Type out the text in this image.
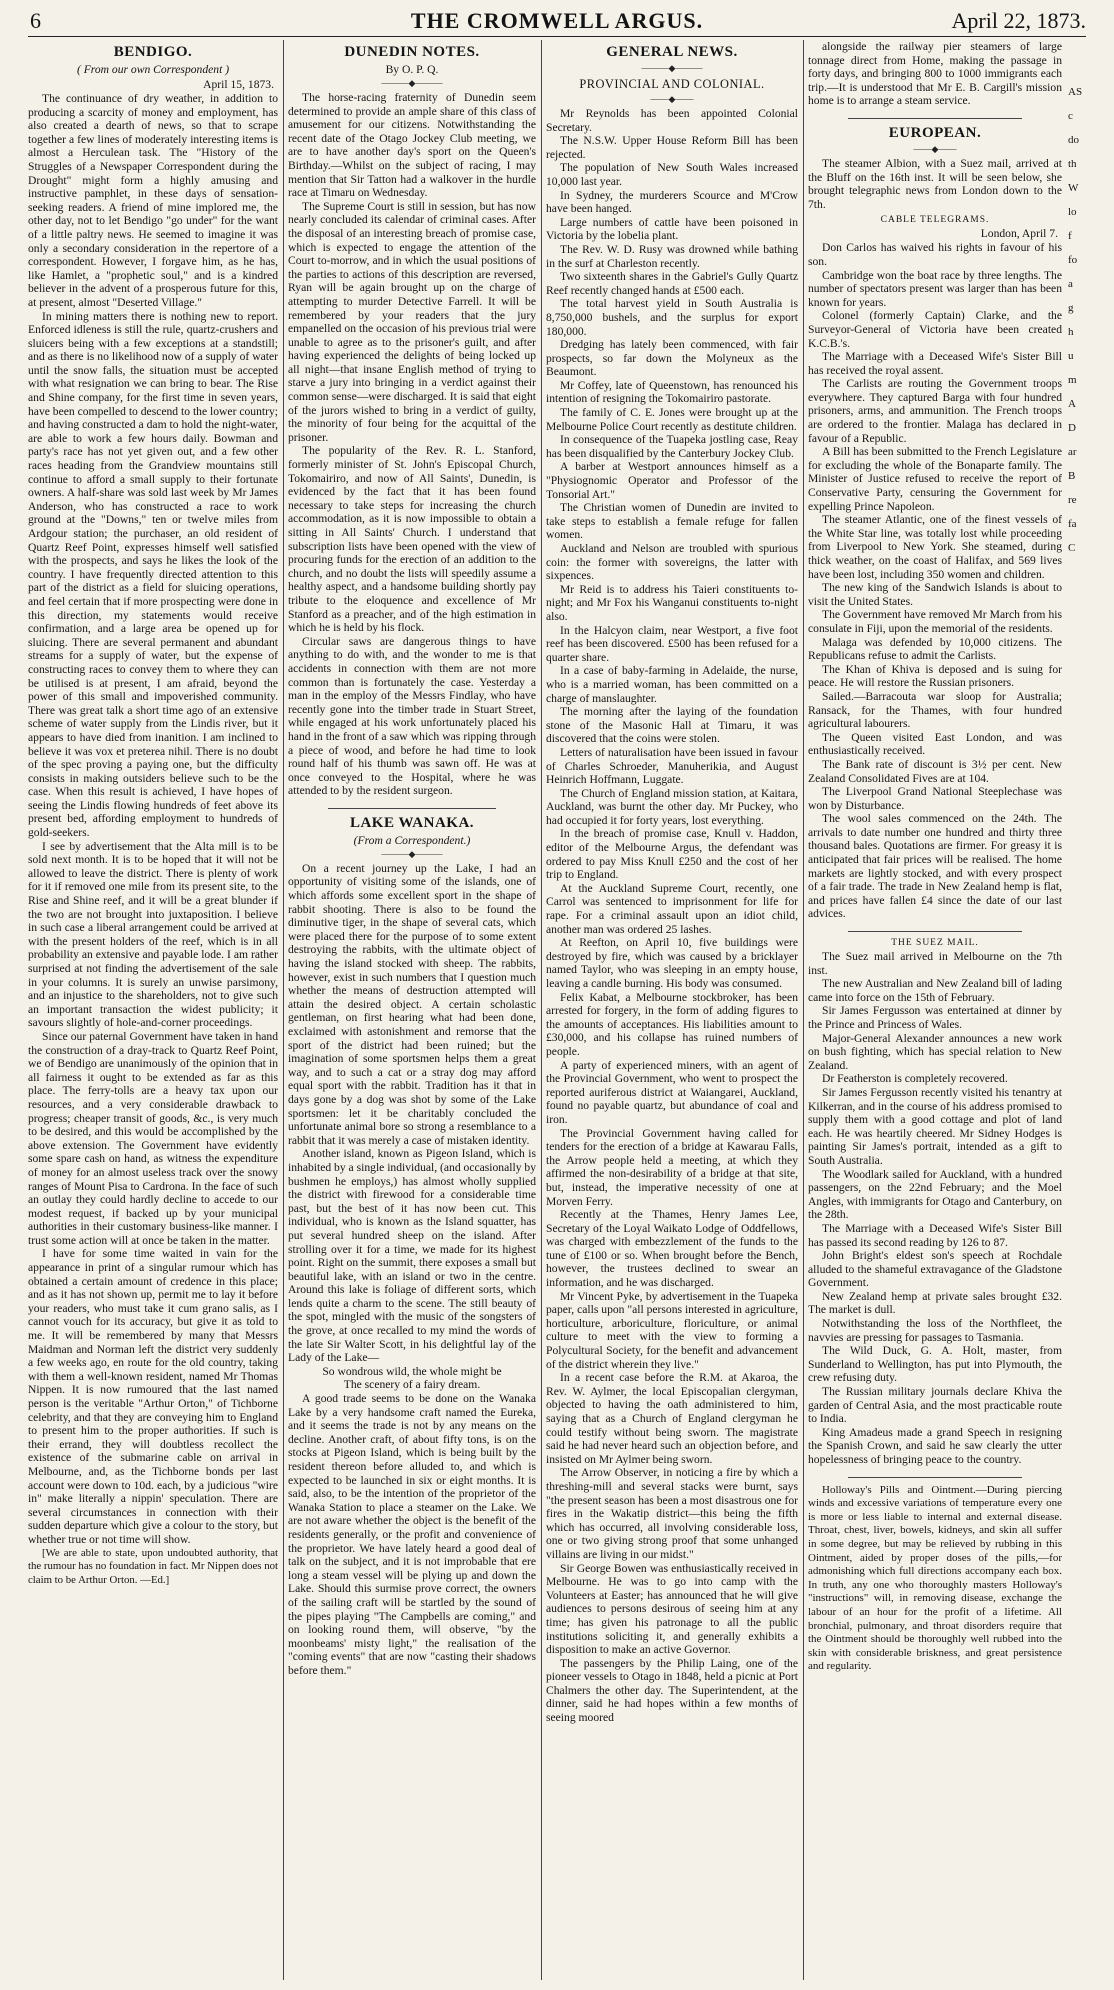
6	THE CROMWELL ARGUS.	April 22, 1873.
BENDIGO.
( From our own Correspondent )
April 15, 1873.

The continuance of dry weather, in addition to producing a scarcity of money and employment, has also created a dearth of news, so that to scrape together a few lines of moderately interesting items is almost a Herculean task. The "History of the Struggles of a Newspaper Correspondent during the Drought" might form a highly amusing and instructive pamphlet, in these days of sensation-seeking readers. A friend of mine implored me, the other day, not to let Bendigo "go under" for the want of a little paltry news. He seemed to imagine it was only a secondary consideration in the repertore of a correspondent. However, I forgave him, as he has, like Hamlet, a "prophetic soul," and is a kindred believer in the advent of a prosperous future for this, at present, almost "Deserted Village."

In mining matters there is nothing new to report. Enforced idleness is still the rule, quartz-crushers and sluicers being with a few exceptions at a standstill; and as there is no likelihood now of a supply of water until the snow falls, the situation must be accepted with what resignation we can bring to bear. The Rise and Shine company, for the first time in seven years, have been compelled to descend to the lower country; and having constructed a dam to hold the night-water, are able to work a few hours daily. Bowman and party's race has not yet given out, and a few other races heading from the Grandview mountains still continue to afford a small supply to their fortunate owners. A half-share was sold last week by Mr James Anderson, who has constructed a race to work ground at the "Downs," ten or twelve miles from Ardgour station; the purchaser, an old resident of Quartz Reef Point, expresses himself well satisfied with the prospects, and says he likes the look of the country. I have frequently directed attention to this part of the district as a field for sluicing operations, and feel certain that if more prospecting were done in this direction, my statements would receive confirmation, and a large area be opened up for sluicing. There are several permanent and abundant streams for a supply of water, but the expense of constructing races to convey them to where they can be utilised is at present, I am afraid, beyond the power of this small and impoverished community. There was great talk a short time ago of an extensive scheme of water supply from the Lindis river, but it appears to have died from inanition. I am inclined to believe it was vox et preterea nihil. There is no doubt of the spec proving a paying one, but the difficulty consists in making outsiders believe such to be the case. When this result is achieved, I have hopes of seeing the Lindis flowing hundreds of feet above its present bed, affording employment to hundreds of gold-seekers.

I see by advertisement that the Alta mill is to be sold next month. It is to be hoped that it will not be allowed to leave the district. There is plenty of work for it if removed one mile from its present site, to the Rise and Shine reef, and it will be a great blunder if the two are not brought into juxtaposition. I believe in such case a liberal arrangement could be arrived at with the present holders of the reef, which is in all probability an extensive and payable lode. I am rather surprised at not finding the advertisement of the sale in your columns. It is surely an unwise parsimony, and an injustice to the shareholders, not to give such an important transaction the widest publicity; it savours slightly of hole-and-corner proceedings.

Since our paternal Government have taken in hand the construction of a dray-track to Quartz Reef Point, we of Bendigo are unanimously of the opinion that in all fairness it ought to be extended as far as this place. The ferry-tolls are a heavy tax upon our resources, and a very considerable drawback to progress; cheaper transit of goods, &c., is very much to be desired, and this would be accomplished by the above extension. The Government have evidently some spare cash on hand, as witness the expenditure of money for an almost useless track over the snowy ranges of Mount Pisa to Cardrona. In the face of such an outlay they could hardly decline to accede to our modest request, if backed up by your municipal authorities in their customary business-like manner. I trust some action will at once be taken in the matter.

I have for some time waited in vain for the appearance in print of a singular rumour which has obtained a certain amount of credence in this place; and as it has not shown up, permit me to lay it before your readers, who must take it cum grano salis, as I cannot vouch for its accuracy, but give it as told to me. It will be remembered by many that Messrs Maidman and Norman left the district very suddenly a few weeks ago, en route for the old country, taking with them a well-known resident, named Mr Thomas Nippen. It is now rumoured that the last named person is the veritable "Arthur Orton," of Tichborne celebrity, and that they are conveying him to England to present him to the proper authorities. If such is their errand, they will doubtless recollect the existence of the submarine cable on arrival in Melbourne, and, as the Tichborne bonds per last account were down to 10d. each, by a judicious "wire in" make literally a nippin' speculation. There are several circumstances in connection with their sudden departure which give a colour to the story, but whether true or not time will show.

[We are able to state, upon undoubted authority, that the rumour has no foundation in fact. Mr Nippen does not claim to be Arthur Orton. —Ed.]

DUNEDIN NOTES.
By O. P. Q.
―――◆―――

The horse-racing fraternity of Dunedin seem determined to provide an ample share of this class of amusement for our citizens. Notwithstanding the recent date of the Otago Jockey Club meeting, we are to have another day's sport on the Queen's Birthday.—Whilst on the subject of racing, I may mention that Sir Tatton had a walkover in the hurdle race at Timaru on Wednesday.

The Supreme Court is still in session, but has now nearly concluded its calendar of criminal cases. After the disposal of an interesting breach of promise case, which is expected to engage the attention of the Court to-morrow, and in which the usual positions of the parties to actions of this description are reversed, Ryan will be again brought up on the charge of attempting to murder Detective Farrell. It will be remembered by your readers that the jury empanelled on the occasion of his previous trial were unable to agree as to the prisoner's guilt, and after having experienced the delights of being locked up all night—that insane English method of trying to starve a jury into bringing in a verdict against their common sense—were discharged. It is said that eight of the jurors wished to bring in a verdict of guilty, the minority of four being for the acquittal of the prisoner.

The popularity of the Rev. R. L. Stanford, formerly minister of St. John's Episcopal Church, Tokomairiro, and now of All Saints', Dunedin, is evidenced by the fact that it has been found necessary to take steps for increasing the church accommodation, as it is now impossible to obtain a sitting in All Saints' Church. I understand that subscription lists have been opened with the view of procuring funds for the erection of an addition to the church, and no doubt the lists will speedily assume a healthy aspect, and a handsome building shortly pay tribute to the eloquence and excellence of Mr Stanford as a preacher, and of the high estimation in which he is held by his flock.

Circular saws are dangerous things to have anything to do with, and the wonder to me is that accidents in connection with them are not more common than is fortunately the case. Yesterday a man in the employ of the Messrs Findlay, who have recently gone into the timber trade in Stuart Street, while engaged at his work unfortunately placed his hand in the front of a saw which was ripping through a piece of wood, and before he had time to look round half of his thumb was sawn off. He was at once conveyed to the Hospital, where he was attended to by the resident surgeon.

LAKE WANAKA.
(From a Correspondent.)
―――◆―――

On a recent journey up the Lake, I had an opportunity of visiting some of the islands, one of which affords some excellent sport in the shape of rabbit shooting. There is also to be found the diminutive tiger, in the shape of several cats, which were placed there for the purpose of to some extent destroying the rabbits, with the ultimate object of having the island stocked with sheep. The rabbits, however, exist in such numbers that I question much whether the means of destruction attempted will attain the desired object. A certain scholastic gentleman, on first hearing what had been done, exclaimed with astonishment and remorse that the sport of the district had been ruined; but the imagination of some sportsmen helps them a great way, and to such a cat or a stray dog may afford equal sport with the rabbit. Tradition has it that in days gone by a dog was shot by some of the Lake sportsmen: let it be charitably concluded the unfortunate animal bore so strong a resemblance to a rabbit that it was merely a case of mistaken identity.

Another island, known as Pigeon Island, which is inhabited by a single individual, (and occasionally by bushmen he employs,) has almost wholly supplied the district with firewood for a considerable time past, but the best of it has now been cut. This individual, who is known as the Island squatter, has put several hundred sheep on the island. After strolling over it for a time, we made for its highest point. Right on the summit, there exposes a small but beautiful lake, with an island or two in the centre. Around this lake is foliage of different sorts, which lends quite a charm to the scene. The still beauty of the spot, mingled with the music of the songsters of the grove, at once recalled to my mind the words of the late Sir Walter Scott, in his delightful lay of the Lady of the Lake—

So wondrous wild, the whole might be

The scenery of a fairy dream.

A good trade seems to be done on the Wanaka Lake by a very handsome craft named the Eureka, and it seems the trade is not by any means on the decline. Another craft, of about fifty tons, is on the stocks at Pigeon Island, which is being built by the resident thereon before alluded to, and which is expected to be launched in six or eight months. It is said, also, to be the intention of the proprietor of the Wanaka Station to place a steamer on the Lake. We are not aware whether the object is the benefit of the residents generally, or the profit and convenience of the proprietor. We have lately heard a good deal of talk on the subject, and it is not improbable that ere long a steam vessel will be plying up and down the Lake. Should this surmise prove correct, the owners of the sailing craft will be startled by the sound of the pipes playing "The Campbells are coming," and on looking round them, will observe, "by the moonbeams' misty light," the realisation of the "coming events" that are now "casting their shadows before them."

GENERAL NEWS.
―――◆―――
PROVINCIAL AND COLONIAL.
――◆――

Mr Reynolds has been appointed Colonial Secretary.

The N.S.W. Upper House Reform Bill has been rejected.

The population of New South Wales increased 10,000 last year.

In Sydney, the murderers Scource and M'Crow have been hanged.

Large numbers of cattle have been poisoned in Victoria by the lobelia plant.

The Rev. W. D. Rusy was drowned while bathing in the surf at Charleston recently.

Two sixteenth shares in the Gabriel's Gully Quartz Reef recently changed hands at £500 each.

The total harvest yield in South Australia is 8,750,000 bushels, and the surplus for export 180,000.

Dredging has lately been commenced, with fair prospects, so far down the Molyneux as the Beaumont.

Mr Coffey, late of Queenstown, has renounced his intention of resigning the Tokomairiro pastorate.

The family of C. E. Jones were brought up at the Melbourne Police Court recently as destitute children.

In consequence of the Tuapeka jostling case, Reay has been disqualified by the Canterbury Jockey Club.

A barber at Westport announces himself as a "Physiognomic Operator and Professor of the Tonsorial Art."

The Christian women of Dunedin are invited to take steps to establish a female refuge for fallen women.

Auckland and Nelson are troubled with spurious coin: the former with sovereigns, the latter with sixpences.

Mr Reid is to address his Taieri constituents to-night; and Mr Fox his Wanganui constituents to-night also.

In the Halcyon claim, near Westport, a five foot reef has been discovered. £500 has been refused for a quarter share.

In a case of baby-farming in Adelaide, the nurse, who is a married woman, has been committed on a charge of manslaughter.

The morning after the laying of the foundation stone of the Masonic Hall at Timaru, it was discovered that the coins were stolen.

Letters of naturalisation have been issued in favour of Charles Schroeder, Manuherikia, and August Heinrich Hoffmann, Luggate.

The Church of England mission station, at Kaitara, Auckland, was burnt the other day. Mr Puckey, who had occupied it for forty years, lost everything.

In the breach of promise case, Knull v. Haddon, editor of the Melbourne Argus, the defendant was ordered to pay Miss Knull £250 and the cost of her trip to England.

At the Auckland Supreme Court, recently, one Carrol was sentenced to imprisonment for life for rape. For a criminal assault upon an idiot child, another man was ordered 25 lashes.

At Reefton, on April 10, five buildings were destroyed by fire, which was caused by a bricklayer named Taylor, who was sleeping in an empty house, leaving a candle burning. His body was consumed.

Felix Kabat, a Melbourne stockbroker, has been arrested for forgery, in the form of adding figures to the amounts of acceptances. His liabilities amount to £30,000, and his collapse has ruined numbers of people.

A party of experienced miners, with an agent of the Provincial Government, who went to prospect the reported auriferous district at Waiangarei, Auckland, found no payable quartz, but abundance of coal and iron.

The Provincial Government having called for tenders for the erection of a bridge at Kawarau Falls, the Arrow people held a meeting, at which they affirmed the non-desirability of a bridge at that site, but, instead, the imperative necessity of one at Morven Ferry.

Recently at the Thames, Henry James Lee, Secretary of the Loyal Waikato Lodge of Oddfellows, was charged with embezzlement of the funds to the tune of £100 or so. When brought before the Bench, however, the trustees declined to swear an information, and he was discharged.

Mr Vincent Pyke, by advertisement in the Tuapeka paper, calls upon "all persons interested in agriculture, horticulture, arboriculture, floriculture, or animal culture to meet with the view to forming a Polycultural Society, for the benefit and advancement of the district wherein they live."

In a recent case before the R.M. at Akaroa, the Rev. W. Aylmer, the local Episcopalian clergyman, objected to having the oath administered to him, saying that as a Church of England clergyman he could testify without being sworn. The magistrate said he had never heard such an objection before, and insisted on Mr Aylmer being sworn.

The Arrow Observer, in noticing a fire by which a threshing-mill and several stacks were burnt, says "the present season has been a most disastrous one for fires in the Wakatip district—this being the fifth which has occurred, all involving considerable loss, one or two giving strong proof that some unhanged villains are living in our midst."

Sir George Bowen was enthusiastically received in Melbourne. He was to go into camp with the Volunteers at Easter; has announced that he will give audiences to persons desirous of seeing him at any time; has given his patronage to all the public institutions soliciting it, and generally exhibits a disposition to make an active Governor.

The passengers by the Philip Laing, one of the pioneer vessels to Otago in 1848, held a picnic at Port Chalmers the other day. The Superintendent, at the dinner, said he had hopes within a few months of seeing moored

alongside the railway pier steamers of large tonnage direct from Home, making the passage in forty days, and bringing 800 to 1000 immigrants each trip.—It is understood that Mr E. B. Cargill's mission home is to arrange a steam service.

EUROPEAN.
――◆――

The steamer Albion, with a Suez mail, arrived at the Bluff on the 16th inst. It will be seen below, she brought telegraphic news from London down to the 7th.

CABLE TELEGRAMS.
London, April 7.

Don Carlos has waived his rights in favour of his son.

Cambridge won the boat race by three lengths. The number of spectators present was larger than has been known for years.

Colonel (formerly Captain) Clarke, and the Surveyor-General of Victoria have been created K.C.B.'s.

The Marriage with a Deceased Wife's Sister Bill has received the royal assent.

The Carlists are routing the Government troops everywhere. They captured Barga with four hundred prisoners, arms, and ammunition. The French troops are ordered to the frontier. Malaga has declared in favour of a Republic.

A Bill has been submitted to the French Legislature for excluding the whole of the Bonaparte family. The Minister of Justice refused to receive the report of Conservative Party, censuring the Government for expelling Prince Napoleon.

The steamer Atlantic, one of the finest vessels of the White Star line, was totally lost while proceeding from Liverpool to New York. She steamed, during thick weather, on the coast of Halifax, and 569 lives have been lost, including 350 women and children.

The new king of the Sandwich Islands is about to visit the United States.

The Government have removed Mr March from his consulate in Fiji, upon the memorial of the residents.

Malaga was defended by 10,000 citizens. The Republicans refuse to admit the Carlists.

The Khan of Khiva is deposed and is suing for peace. He will restore the Russian prisoners.

Sailed.—Barracouta war sloop for Australia; Ransack, for the Thames, with four hundred agricultural labourers.

The Queen visited East London, and was enthusiastically received.

The Bank rate of discount is 3½ per cent. New Zealand Consolidated Fives are at 104.

The Liverpool Grand National Steeplechase was won by Disturbance.

The wool sales commenced on the 24th. The arrivals to date number one hundred and thirty three thousand bales. Quotations are firmer. For greasy it is anticipated that fair prices will be realised. The home markets are lightly stocked, and with every prospect of a fair trade. The trade in New Zealand hemp is flat, and prices have fallen £4 since the date of our last advices.

THE SUEZ MAIL.

The Suez mail arrived in Melbourne on the 7th inst.

The new Australian and New Zealand bill of lading came into force on the 15th of February.

Sir James Fergusson was entertained at dinner by the Prince and Princess of Wales.

Major-General Alexander announces a new work on bush fighting, which has special relation to New Zealand.

Dr Featherston is completely recovered.

Sir James Fergusson recently visited his tenantry at Kilkerran, and in the course of his address promised to supply them with a good cottage and plot of land each. He was heartily cheered. Mr Sidney Hodges is painting Sir James's portrait, intended as a gift to South Australia.

The Woodlark sailed for Auckland, with a hundred passengers, on the 22nd February; and the Moel Angles, with immigrants for Otago and Canterbury, on the 28th.

The Marriage with a Deceased Wife's Sister Bill has passed its second reading by 126 to 87.

John Bright's eldest son's speech at Rochdale alluded to the shameful extravagance of the Gladstone Government.

New Zealand hemp at private sales brought £32. The market is dull.

Notwithstanding the loss of the Northfleet, the navvies are pressing for passages to Tasmania.

The Wild Duck, G. A. Holt, master, from Sunderland to Wellington, has put into Plymouth, the crew refusing duty.

The Russian military journals declare Khiva the garden of Central Asia, and the most practicable route to India.

King Amadeus made a grand Speech in resigning the Spanish Crown, and said he saw clearly the utter hopelessness of bringing peace to the country.

Holloway's Pills and Ointment.—During piercing winds and excessive variations of temperature every one is more or less liable to internal and external disease. Throat, chest, liver, bowels, kidneys, and skin all suffer in some degree, but may be relieved by rubbing in this Ointment, aided by proper doses of the pills,—for admonishing which full directions accompany each box. In truth, any one who thoroughly masters Holloway's "instructions" will, in removing disease, exchange the labour of an hour for the profit of a lifetime. All bronchial, pulmonary, and throat disorders require that the Ointment should be thoroughly well rubbed into the skin with considerable briskness, and great persistence and regularity.

AS
c
do
th
W
lo
f
fo
a
g
h
u
m
A
D
ar
B
re
fa
C
